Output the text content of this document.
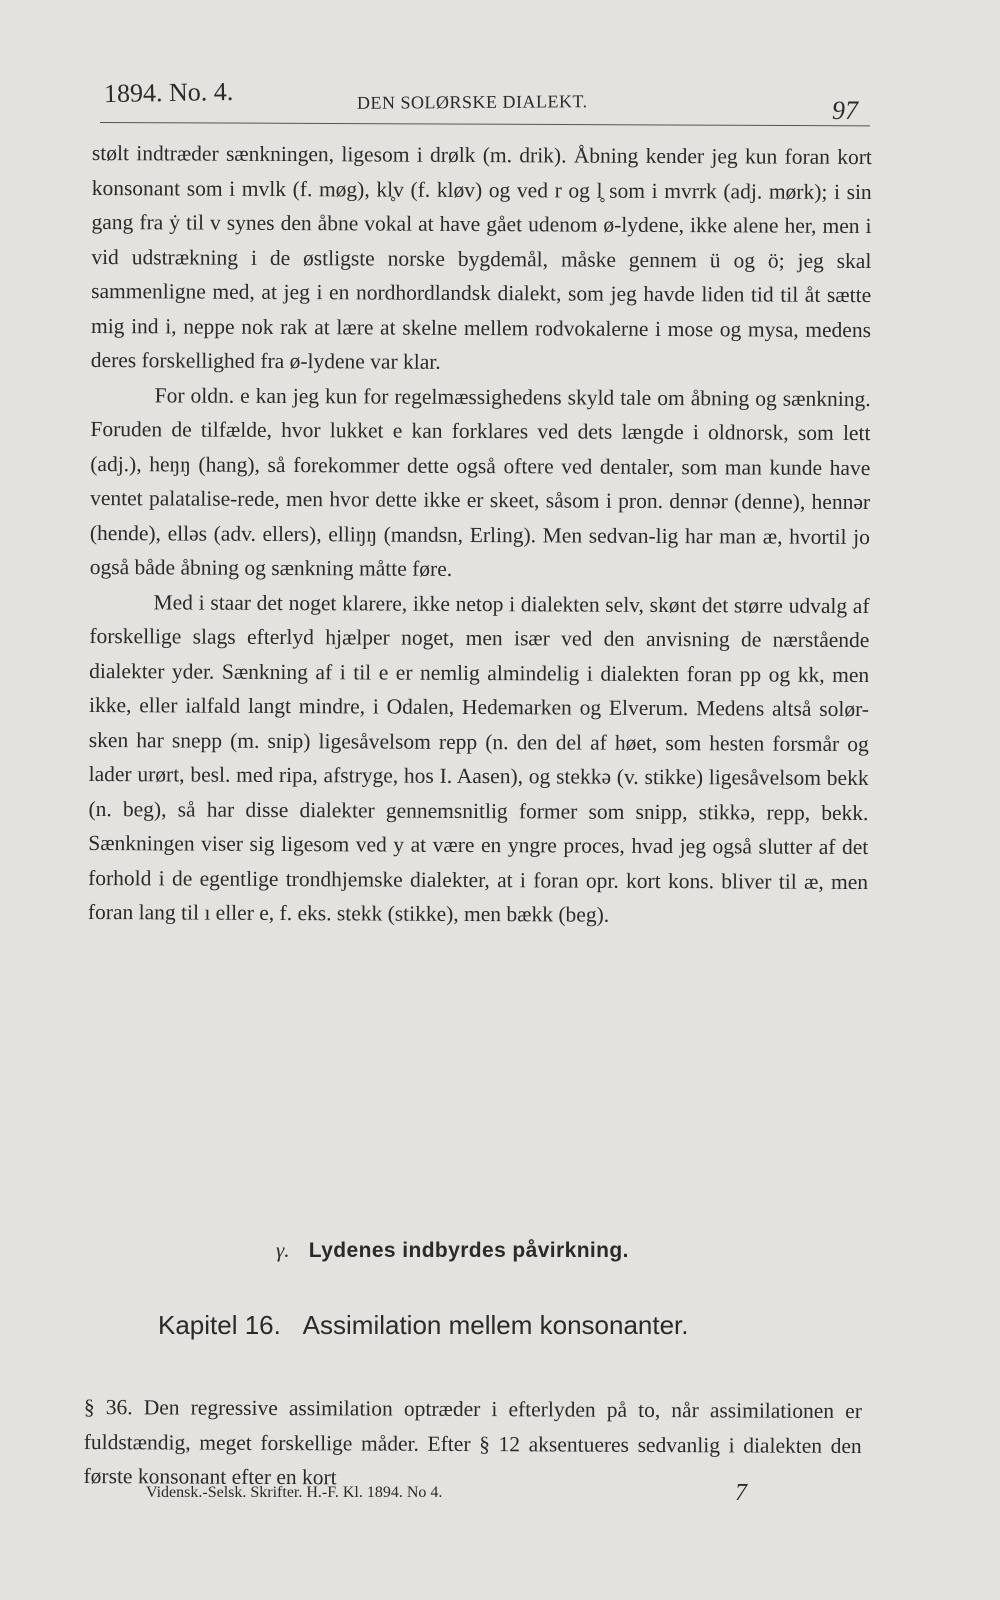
1894. No. 4.	DEN SOLØRSKE DIALEKT.	97

stølt indtræder sænkningen, ligesom i drølk (m. drik). Åbning kender jeg kun foran kort konsonant som i mvlk (f. møg), kl̥v (f. kløv) og ved r og l̥ som i mvrrk (adj. mørk); i sin gang fra ẏ til v synes den åbne vokal at have gået udenom ø-lydene, ikke alene her, men i vid udstrækning i de østligste norske bygdemål, måske gennem ü og ö; jeg skal sammenligne med, at jeg i en nordhordlandsk dialekt, som jeg havde liden tid til åt sætte mig ind i, neppe nok rak at lære at skelne mellem rodvokalerne i mose og mysa, medens deres forskellighed fra ø-lydene var klar.

For oldn. e kan jeg kun for regelmæssighedens skyld tale om åbning og sænkning. Foruden de tilfælde, hvor lukket e kan forklares ved dets længde i oldnorsk, som lett (adj.), heŋŋ (hang), så forekommer dette også oftere ved dentaler, som man kunde have ventet palatalise-rede, men hvor dette ikke er skeet, såsom i pron. dennər (denne), hennər (hende), elləs (adv. ellers), elliŋŋ (mandsn, Erling). Men sedvan-lig har man æ, hvortil jo også både åbning og sænkning måtte føre.

Med i staar det noget klarere, ikke netop i dialekten selv, skønt det større udvalg af forskellige slags efterlyd hjælper noget, men især ved den anvisning de nærstående dialekter yder. Sænkning af i til e er nemlig almindelig i dialekten foran pp og kk, men ikke, eller ialfald langt mindre, i Odalen, Hedemarken og Elverum. Medens altså solør-sken har snepp (m. snip) ligesåvelsom repp (n. den del af høet, som hesten forsmår og lader urørt, besl. med ripa, afstryge, hos I. Aasen), og stekkə (v. stikke) ligesåvelsom bekk (n. beg), så har disse dialekter gennemsnitlig former som snipp, stikkə, repp, bekk. Sænkningen viser sig ligesom ved y at være en yngre proces, hvad jeg også slutter af det forhold i de egentlige trondhjemske dialekter, at i foran opr. kort kons. bliver til æ, men foran lang til ı eller e, f. eks. stekk (stikke), men bækk (beg).

γ. Lydenes indbyrdes påvirkning.
Kapitel 16. Assimilation mellem konsonanter.

§ 36. Den regressive assimilation optræder i efterlyden på to, når assimilationen er fuldstændig, meget forskellige måder. Efter § 12 aksentueres sedvanlig i dialekten den første konsonant efter en kort

Vidensk.-Selsk. Skrifter. H.-F. Kl. 1894. No 4.	7
